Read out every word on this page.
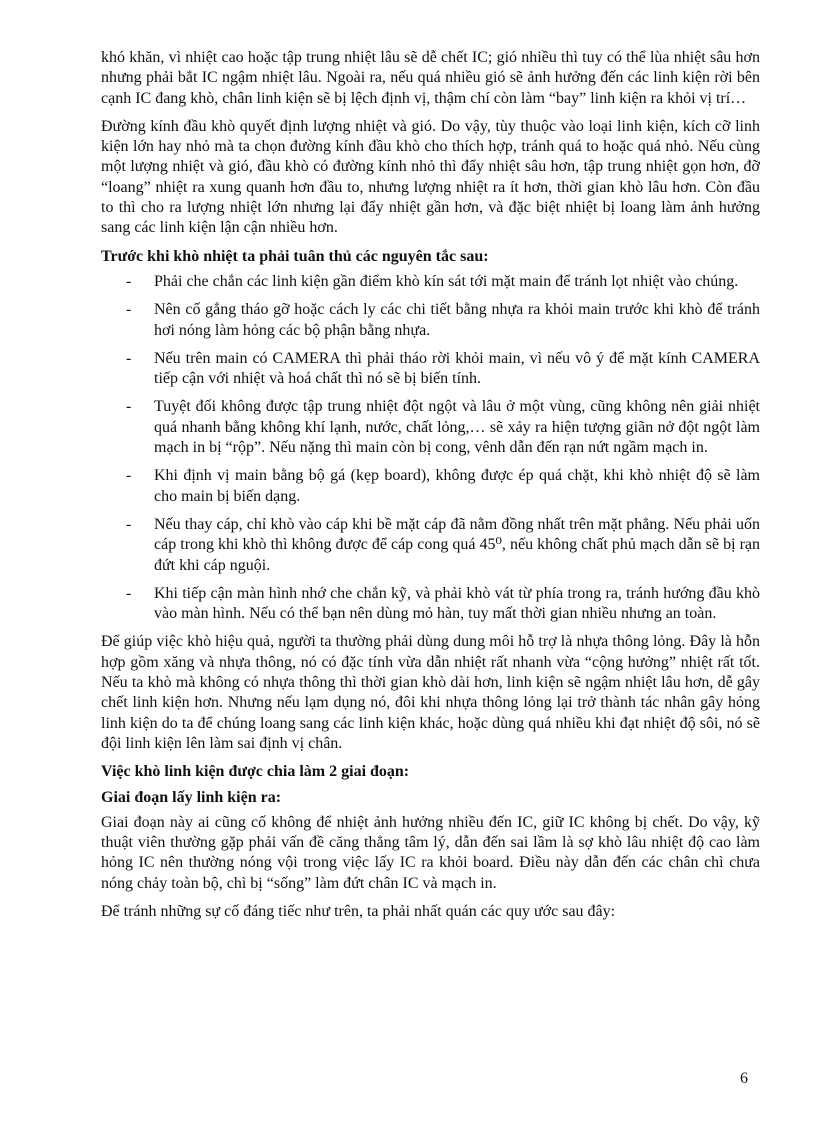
khó khăn, vì nhiệt cao hoặc tập trung nhiệt lâu sẽ dễ chết IC; gió nhiều thì tuy có thể lùa nhiệt sâu hơn nhưng phải bắt IC ngậm nhiệt lâu. Ngoài ra, nếu quá nhiều gió sẽ ảnh hưởng đến các linh kiện rời bên cạnh IC đang khò, chân linh kiện sẽ bị lệch định vị, thậm chí còn làm “bay” linh kiện ra khỏi vị trí…

Đường kính đầu khò quyết định lượng nhiệt và gió. Do vậy, tùy thuộc vào loại linh kiện, kích cỡ linh kiện lớn hay nhỏ mà ta chọn đường kính đầu khò cho thích hợp, tránh quá to hoặc quá nhỏ. Nếu cùng một lượng nhiệt và gió, đầu khò có đường kính nhỏ thì đẩy nhiệt sâu hơn, tập trung nhiệt gọn hơn, đỡ “loang” nhiệt ra xung quanh hơn đầu to, nhưng lượng nhiệt ra ít hơn, thời gian khò lâu hơn. Còn đầu to thì cho ra lượng nhiệt lớn nhưng lại đẩy nhiệt gần hơn, và đặc biệt nhiệt bị loang làm ảnh hưởng sang các linh kiện lận cận nhiều hơn.

Trước khi khò nhiệt ta phải tuân thủ các nguyên tắc sau:

- Phải che chắn các linh kiện gần điểm khò kín sát tới mặt main để tránh lọt nhiệt vào chúng.
- Nên cố gắng tháo gỡ hoặc cách ly các chi tiết bằng nhựa ra khỏi main trước khi khò để tránh hơi nóng làm hỏng các bộ phận bằng nhựa.
- Nếu trên main có CAMERA thì phải tháo rời khỏi main, vì nếu vô ý để mặt kính CAMERA tiếp cận với nhiệt và hoá chất thì nó sẽ bị biến tính.
- Tuyệt đối không được tập trung nhiệt đột ngột và lâu ở một vùng, cũng không nên giải nhiệt quá nhanh bằng không khí lạnh, nước, chất lỏng,… sẽ xảy ra hiện tượng giãn nở đột ngột làm mạch in bị “rộp”. Nếu nặng thì main còn bị cong, vênh dẫn đến rạn nứt ngầm mạch in.
- Khi định vị main bằng bộ gá (kẹp board), không được ép quá chặt, khi khò nhiệt độ sẽ làm cho main bị biến dạng.
- Nếu thay cáp, chỉ khò vào cáp khi bề mặt cáp đã nằm đồng nhất trên mặt phẳng. Nếu phải uốn cáp trong khi khò thì không được để cáp cong quá 45⁰, nếu không chất phủ mạch dẫn sẽ bị rạn đứt khi cáp nguội.
- Khi tiếp cận màn hình nhớ che chắn kỹ, và phải khò vát từ phía trong ra, tránh hướng đầu khò vào màn hình. Nếu có thể bạn nên dùng mỏ hàn, tuy mất thời gian nhiều nhưng an toàn.

Để giúp việc khò hiệu quả, người ta thường phải dùng dung môi hỗ trợ là nhựa thông lỏng. Đây là hỗn hợp gồm xăng và nhựa thông, nó có đặc tính vừa dẫn nhiệt rất nhanh vừa “cộng hưởng” nhiệt rất tốt. Nếu ta khò mà không có nhựa thông thì thời gian khò dài hơn, linh kiện sẽ ngậm nhiệt lâu hơn, dễ gây chết linh kiện hơn. Nhưng nếu lạm dụng nó, đôi khi nhựa thông lỏng lại trở thành tác nhân gây hỏng linh kiện do ta để chúng loang sang các linh kiện khác, hoặc dùng quá nhiều khi đạt nhiệt độ sôi, nó sẽ đội linh kiện lên làm sai định vị chân.

Việc khò linh kiện được chia làm 2 giai đoạn:

Giai đoạn lấy linh kiện ra:

Giai đoạn này ai cũng cố không để nhiệt ảnh hưởng nhiều đến IC, giữ IC không bị chết. Do vậy, kỹ thuật viên thường gặp phải vấn đề căng thẳng tâm lý, dẫn đến sai lầm là sợ khò lâu nhiệt độ cao làm hỏng IC nên thường nóng vội trong việc lấy IC ra khỏi board. Điều này dẫn đến các chân chì chưa nóng chảy toàn bộ, chì bị “sống” làm đứt chân IC và mạch in.

Để tránh những sự cố đáng tiếc như trên, ta phải nhất quán các quy ước sau đây:

6
